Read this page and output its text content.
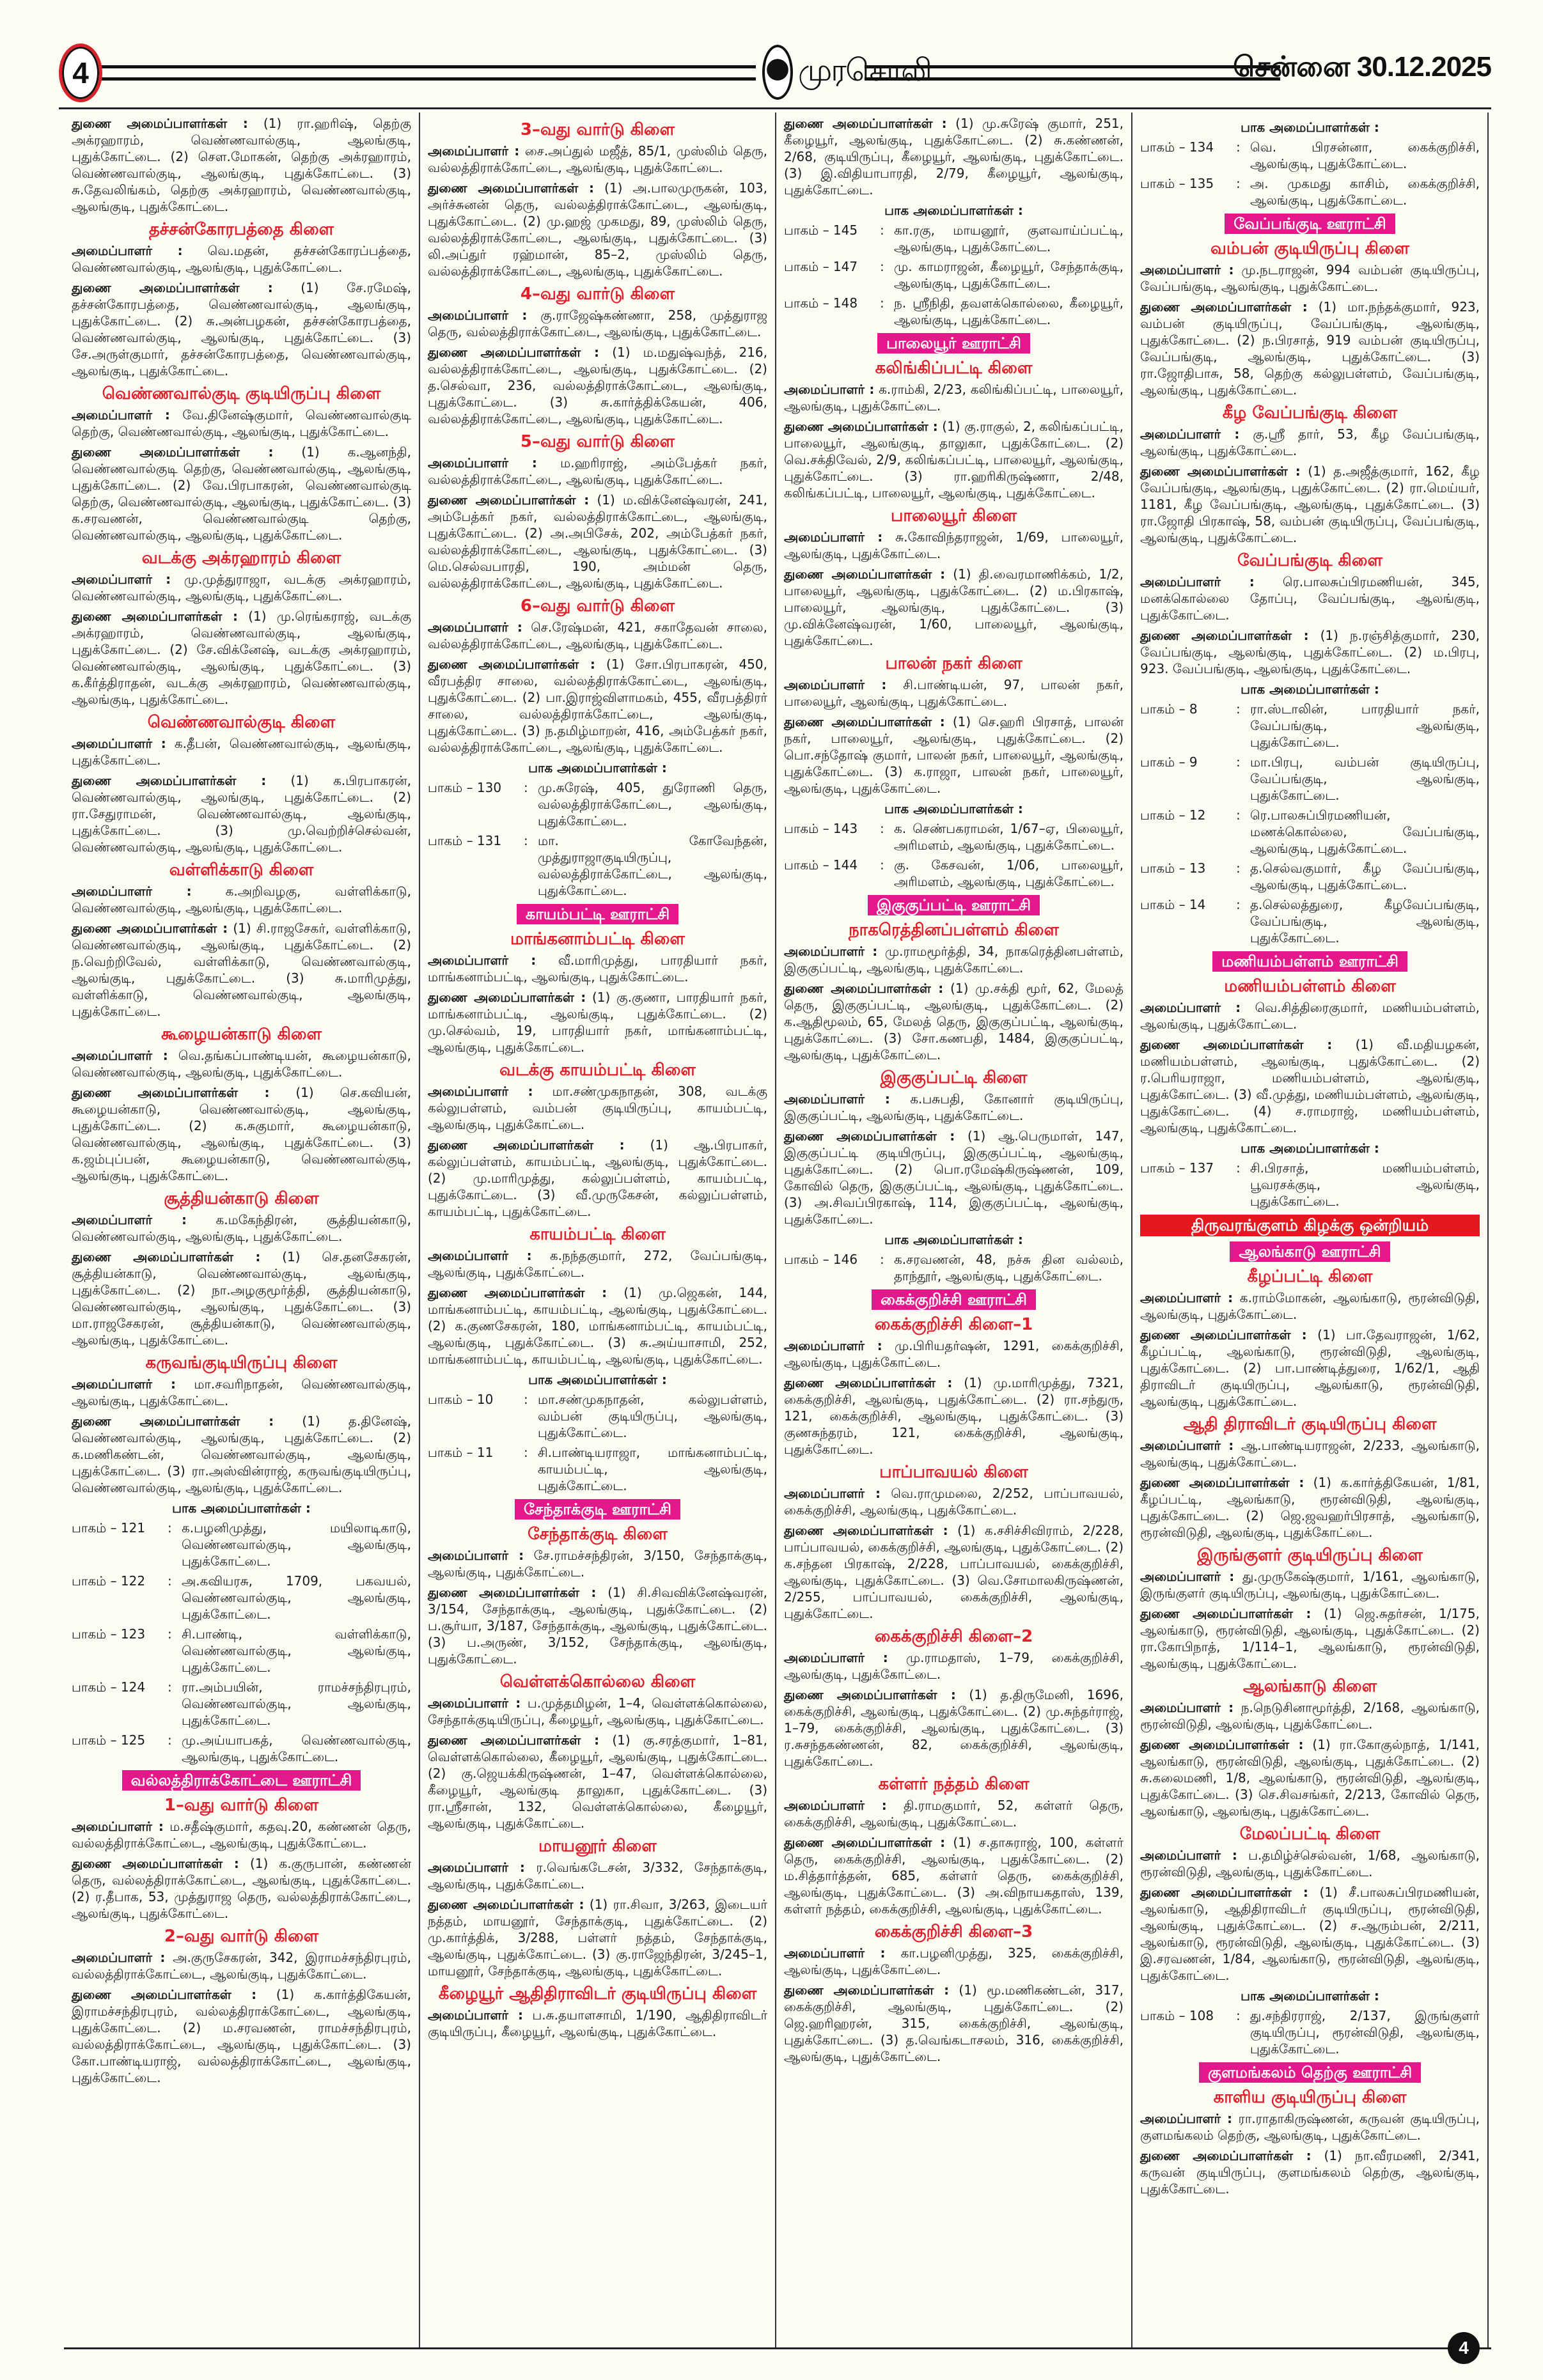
4	முரசொலி	சென்னை 30.12.2025

துணை அமைப்பாளர்கள் : (1) ரா.ஹரிஷ், தெற்கு அக்ரஹாரம், வெண்ணவால்குடி, ஆலங்குடி, புதுக்கோட்டை. (2) சௌ.மோகன், தெற்கு அக்ரஹாரம், வெண்ணவால்குடி, ஆலங்குடி, புதுக்கோட்டை. (3) சு.தேவலிங்கம், தெற்கு அக்ரஹாரம், வெண்ணவால்குடி, ஆலங்குடி, புதுக்கோட்டை.

தச்சன்கோரபத்தை கிளை

அமைப்பாளர் : வெ.மதன், தச்சன்கோரப்பத்தை, வெண்ணவால்குடி, ஆலங்குடி, புதுக்கோட்டை.

துணை அமைப்பாளர்கள் : (1) சே.ரமேஷ், தச்சன்கோரபத்தை, வெண்ணவால்குடி, ஆலங்குடி, புதுக்கோட்டை. (2) சு.அன்பழகன், தச்சன்கோரபத்தை, வெண்ணவால்குடி, ஆலங்குடி, புதுக்கோட்டை. (3) சே.அருள்குமார், தச்சன்கோரபத்தை, வெண்ணவால்குடி, ஆலங்குடி, புதுக்கோட்டை.

வெண்ணவால்குடி குடியிருப்பு கிளை

அமைப்பாளர் : வே.தினேஷ்குமார், வெண்ணவால்குடி தெற்கு, வெண்ணவால்குடி, ஆலங்குடி, புதுக்கோட்டை.

துணை அமைப்பாளர்கள் : (1) க.ஆனந்தி, வெண்ணவால்குடி தெற்கு, வெண்ணவால்குடி, ஆலங்குடி, புதுக்கோட்டை. (2) வே.பிரபாகரன், வெண்ணவால்குடி தெற்கு, வெண்ணவால்குடி, ஆலங்குடி, புதுக்கோட்டை. (3) க.சரவணன், வெண்ணவால்குடி தெற்கு, வெண்ணவால்குடி, ஆலங்குடி, புதுக்கோட்டை.

வடக்கு அக்ரஹாரம் கிளை

அமைப்பாளர் : மு.முத்துராஜா, வடக்கு அக்ரஹாரம், வெண்ணவால்குடி, ஆலங்குடி, புதுக்கோட்டை.

துணை அமைப்பாளர்கள் : (1) மு.ரெங்கராஜ், வடக்கு அக்ரஹாரம், வெண்ணவால்குடி, ஆலங்குடி, புதுக்கோட்டை. (2) சே.விக்னேஷ், வடக்கு அக்ரஹாரம், வெண்ணவால்குடி, ஆலங்குடி, புதுக்கோட்டை. (3) க.கீர்த்திராதன், வடக்கு அக்ரஹாரம், வெண்ணவால்குடி, ஆலங்குடி, புதுக்கோட்டை.

வெண்ணவால்குடி கிளை

அமைப்பாளர் : க.தீபன், வெண்ணவால்குடி, ஆலங்குடி, புதுக்கோட்டை.

துணை அமைப்பாளர்கள் : (1) க.பிரபாகரன், வெண்ணவால்குடி, ஆலங்குடி, புதுக்கோட்டை. (2) ரா.சேதுராமன், வெண்ணவால்குடி, ஆலங்குடி, புதுக்கோட்டை. (3) மு.வெற்றிச்செல்வன், வெண்ணவால்குடி, ஆலங்குடி, புதுக்கோட்டை.

வள்ளிக்காடு கிளை

அமைப்பாளர் :	க.அறிவழகு, வள்ளிக்காடு, வெண்ணவால்குடி, ஆலங்குடி, புதுக்கோட்டை.

துணை அமைப்பாளர்கள் : (1) சி.ராஜசேகர், வள்ளிக்காடு, வெண்ணவால்குடி, ஆலங்குடி, புதுக்கோட்டை. (2) ந.வெற்றிவேல், வள்ளிக்காடு, வெண்ணவால்குடி, ஆலங்குடி, புதுக்கோட்டை. (3) சு.மாரிமுத்து, வள்ளிக்காடு, வெண்ணவால்குடி, ஆலங்குடி, புதுக்கோட்டை.

கூழையன்காடு கிளை

அமைப்பாளர் : வெ.தங்கப்பாண்டியன், கூழையன்காடு, வெண்ணவால்குடி, ஆலங்குடி, புதுக்கோட்டை.

துணை அமைப்பாளர்கள் : (1) செ.கவியன், கூழையன்காடு, வெண்ணவால்குடி, ஆலங்குடி, புதுக்கோட்டை. (2) க.சுகுமார், கூழையன்காடு, வெண்ணவால்குடி, ஆலங்குடி, புதுக்கோட்டை. (3) க.ஜம்புப்பன், கூழையன்காடு, வெண்ணவால்குடி, ஆலங்குடி, புதுக்கோட்டை.

சூத்தியன்காடு கிளை

அமைப்பாளர் : க.மகேந்திரன், சூத்தியன்காடு, வெண்ணவால்குடி, ஆலங்குடி, புதுக்கோட்டை.

துணை அமைப்பாளர்கள் : (1) செ.தனசேகரன், சூத்தியன்காடு, வெண்ணவால்குடி, ஆலங்குடி, புதுக்கோட்டை. (2) நா.அழகுமூர்த்தி, சூத்தியன்காடு, வெண்ணவால்குடி, ஆலங்குடி, புதுக்கோட்டை. (3) மா.ராஜசேகரன், சூத்தியன்காடு, வெண்ணவால்குடி, ஆலங்குடி, புதுக்கோட்டை.

கருவங்குடியிருப்பு கிளை

அமைப்பாளர் : மா.சவரிநாதன், வெண்ணவால்குடி, ஆலங்குடி, புதுக்கோட்டை.

துணை அமைப்பாளர்கள் : (1) த.தினேஷ், வெண்ணவால்குடி, ஆலங்குடி, புதுக்கோட்டை. (2) க.மணிகண்டன், வெண்ணவால்குடி, ஆலங்குடி, புதுக்கோட்டை. (3) ரா.அஸ்வின்ராஜ், கருவங்குடியிருப்பு, வெண்ணவால்குடி, ஆலங்குடி, புதுக்கோட்டை.

பாக அமைப்பாளர்கள் :
பாகம் – 121	: க.பழனிமுத்து, மயிலாடிகாடு, வெண்ணவால்குடி, ஆலங்குடி, புதுக்கோட்டை.
பாகம் – 122	: அ.கவியரசு, 1709, பகவயல், வெண்ணவால்குடி, ஆலங்குடி, புதுக்கோட்டை.
பாகம் – 123	: சி.பாண்டி, வள்ளிக்காடு, வெண்ணவால்குடி, ஆலங்குடி, புதுக்கோட்டை.
பாகம் – 124	: ரா.அம்பயின், ராமச்சந்திரபுரம், வெண்ணவால்குடி, ஆலங்குடி, புதுக்கோட்டை.
பாகம் – 125	: மு.அய்யாபகத், வெண்ணவால்குடி, ஆலங்குடி, புதுக்கோட்டை.
வல்லத்திராக்கோட்டை ஊராட்சி
1–வது வார்டு கிளை

அமைப்பாளர் : ம.சதீஷ்குமார், கதவு.20, கண்ணன் தெரு, வல்லத்திராக்கோட்டை, ஆலங்குடி, புதுக்கோட்டை.

துணை அமைப்பாளர்கள் : (1) க.குருபான், கண்ணன் தெரு, வல்லத்திராக்கோட்டை, ஆலங்குடி, புதுக்கோட்டை. (2) ர.தீபாக, 53, முத்துராஜ தெரு, வல்லத்திராக்கோட்டை, ஆலங்குடி, புதுக்கோட்டை.

2–வது வார்டு கிளை

அமைப்பாளர் : அ.குருசேகரன், 342, இராமச்சந்திரபுரம், வல்லத்திராக்கோட்டை, ஆலங்குடி, புதுக்கோட்டை.

துணை அமைப்பாளர்கள் : (1) க.கார்த்திகேயன், இராமச்சந்திரபுரம், வல்லத்திராக்கோட்டை, ஆலங்குடி, புதுக்கோட்டை. (2) ம.சரவணன், ராமச்சந்திரபுரம், வல்லத்திராக்கோட்டை, ஆலங்குடி, புதுக்கோட்டை. (3) கோ.பாண்டியராஜ், வல்லத்திராக்கோட்டை, ஆலங்குடி, புதுக்கோட்டை.

3–வது வார்டு கிளை

அமைப்பாளர் : சை.அப்துல் மஜீத், 85/1, முஸ்லிம் தெரு, வல்லத்திராக்கோட்டை, ஆலங்குடி, புதுக்கோட்டை.

துணை அமைப்பாளர்கள் : (1) அ.பாலமுருகன், 103, அர்ச்சுனன் தெரு, வல்லத்திராக்கோட்டை, ஆலங்குடி, புதுக்கோட்டை. (2) மு.ஹஜ் முகமது, 89, முஸ்லிம் தெரு, வல்லத்திராக்கோட்டை, ஆலங்குடி, புதுக்கோட்டை. (3) லி.அப்துர் ரஹ்மான், 85–2, முஸ்லிம் தெரு, வல்லத்திராக்கோட்டை, ஆலங்குடி, புதுக்கோட்டை.

4–வது வார்டு கிளை

அமைப்பாளர் : கு.ராஜேஷ்கண்ணா, 258, முத்துராஜ தெரு, வல்லத்திராக்கோட்டை, ஆலங்குடி, புதுக்கோட்டை.

துணை அமைப்பாளர்கள் : (1) ம.மதுஷ்வந்த், 216, வல்லத்திராக்கோட்டை, ஆலங்குடி, புதுக்கோட்டை. (2) த.செல்வா, 236, வல்லத்திராக்கோட்டை, ஆலங்குடி, புதுக்கோட்டை. (3) சு.கார்த்திக்கேயன், 406, வல்லத்திராக்கோட்டை, ஆலங்குடி, புதுக்கோட்டை.

5–வது வார்டு கிளை

அமைப்பாளர் : ம.ஹரிராஜ், அம்பேத்கர் நகர், வல்லத்திராக்கோட்டை, ஆலங்குடி, புதுக்கோட்டை.

துணை அமைப்பாளர்கள் : (1) ம.விக்னேஷ்வரன், 241, அம்பேத்கர் நகர், வல்லத்திராக்கோட்டை, ஆலங்குடி, புதுக்கோட்டை. (2) அ.அபிசேக், 202, அம்பேத்கர் நகர், வல்லத்திராக்கோட்டை, ஆலங்குடி, புதுக்கோட்டை. (3) மெ.செல்வபாரதி, 190, அம்மன் தெரு, வல்லத்திராக்கோட்டை, ஆலங்குடி, புதுக்கோட்டை.

6–வது வார்டு கிளை

அமைப்பாளர் : செ.ரேஷ்மன், 421, சகாதேவன் சாலை, வல்லத்திராக்கோட்டை, ஆலங்குடி, புதுக்கோட்டை.

துணை அமைப்பாளர்கள் : (1) சோ.பிரபாகரன், 450, வீரபத்திர சாலை, வல்லத்திராக்கோட்டை, ஆலங்குடி, புதுக்கோட்டை. (2) பா.இராஜ்விளாமகம், 455, வீரபத்திரர் சாலை, வல்லத்திராக்கோட்டை, ஆலங்குடி, புதுக்கோட்டை. (3) ந.தமிழ்மாறன், 416, அம்பேத்கர் நகர், வல்லத்திராக்கோட்டை, ஆலங்குடி, புதுக்கோட்டை.

பாக அமைப்பாளர்கள் :
பாகம் – 130	: மு.சுரேஷ், 405, துரோணி தெரு, வல்லத்திராக்கோட்டை, ஆலங்குடி, புதுக்கோட்டை.
பாகம் – 131	: மா. கோவேந்தன், முத்துராஜாகுடியிருப்பு, வல்லத்திராக்கோட்டை, ஆலங்குடி, புதுக்கோட்டை.
காயம்பட்டி ஊராட்சி
மாங்கனாம்பட்டி கிளை

அமைப்பாளர் : வீ.மாரிமுத்து, பாரதியார் நகர், மாங்கனாம்பட்டி, ஆலங்குடி, புதுக்கோட்டை.

துணை அமைப்பாளர்கள் : (1) கு.குணா, பாரதியார் நகர், மாங்கனாம்பட்டி, ஆலங்குடி, புதுக்கோட்டை. (2) மு.செல்வம், 19, பாரதியார் நகர், மாங்கனாம்பட்டி, ஆலங்குடி, புதுக்கோட்டை.

வடக்கு காயம்பட்டி கிளை

அமைப்பாளர் : மா.சண்முகநாதன், 308, வடக்கு கல்லுபள்ளம், வம்பன் குடியிருப்பு, காயம்பட்டி, ஆலங்குடி, புதுக்கோட்டை.

துணை அமைப்பாளர்கள் : (1) ஆ.பிரபாகர், கல்லுப்பள்ளம், காயம்பட்டி, ஆலங்குடி, புதுக்கோட்டை. (2) மு.மாரிமுத்து, கல்லுப்பள்ளம், காயம்பட்டி, புதுக்கோட்டை. (3) வீ.முருகேசன், கல்லுப்பள்ளம், காயம்பட்டி, புதுக்கோட்டை.

காயம்பட்டி கிளை

அமைப்பாளர் : க.நந்தகுமார், 272, வேப்பங்குடி, ஆலங்குடி, புதுக்கோட்டை.

துணை அமைப்பாளர்கள் : (1) மு.ஜெகன், 144, மாங்கனாம்பட்டி, காயம்பட்டி, ஆலங்குடி, புதுக்கோட்டை. (2) க.குணசேகரன், 180, மாங்கனாம்பட்டி, காயம்பட்டி, ஆலங்குடி, புதுக்கோட்டை. (3) சு.அய்யாசாமி, 252, மாங்கனாம்பட்டி, காயம்பட்டி, ஆலங்குடி, புதுக்கோட்டை.

பாக அமைப்பாளர்கள் :
பாகம் – 10	: மா.சண்முகநாதன், கல்லுபள்ளம், வம்பன் குடியிருப்பு, ஆலங்குடி, புதுக்கோட்டை.
பாகம் – 11	: சி.பாண்டியராஜா, மாங்கனாம்பட்டி, காயம்பட்டி, ஆலங்குடி, புதுக்கோட்டை.
சேந்தாக்குடி ஊராட்சி
சேந்தாக்குடி கிளை

அமைப்பாளர் : சே.ராமச்சந்திரன், 3/150, சேந்தாக்குடி, ஆலங்குடி, புதுக்கோட்டை.

துணை அமைப்பாளர்கள் : (1) சி.சிவவிக்னேஷ்வரன், 3/154, சேந்தாக்குடி, ஆலங்குடி, புதுக்கோட்டை. (2) ப.சூர்யா, 3/187, சேந்தாக்குடி, ஆலங்குடி, புதுக்கோட்டை. (3) ப.அருண், 3/152, சேந்தாக்குடி, ஆலங்குடி, புதுக்கோட்டை.

வெள்ளக்கொல்லை கிளை

அமைப்பாளர் : ப.முத்தமிழன், 1–4, வெள்ளக்கொல்லை, சேந்தாக்குடியிருப்பு, கீழையூர், ஆலங்குடி, புதுக்கோட்டை.

துணை அமைப்பாளர்கள் : (1) கு.சரத்குமார், 1–81, வெள்ளக்கொல்லை, கீழையூர், ஆலங்குடி, புதுக்கோட்டை. (2) கு.ஜெயக்கிருஷ்ணன், 1–47, வெள்ளக்கொல்லை, கீழையூர், ஆலங்குடி தாலுகா, புதுக்கோட்டை. (3) ரா.ஸ்ரீசான், 132, வெள்ளக்கொல்லை, கீழையூர், ஆலங்குடி, புதுக்கோட்டை.

மாயனூர் கிளை

அமைப்பாளர் : ர.வெங்கடேசன், 3/332, சேந்தாக்குடி, ஆலங்குடி, புதுக்கோட்டை.

துணை அமைப்பாளர்கள் : (1) ரா.சிவா, 3/263, இடையர் நத்தம், மாயனூர், சேந்தாக்குடி, புதுக்கோட்டை. (2) மு.கார்த்திக், 3/288, பள்ளர் நத்தம், சேந்தாக்குடி, ஆலங்குடி, புதுக்கோட்டை. (3) கு.ராஜேந்திரன், 3/245–1, மாயனூர், சேந்தாக்குடி, ஆலங்குடி, புதுக்கோட்டை.

கீழையூர் ஆதிதிராவிடர் குடியிருப்பு கிளை

அமைப்பாளர் : ப.சு.தயாளசாமி, 1/190, ஆதிதிராவிடர் குடியிருப்பு, கீழையூர், ஆலங்குடி, புதுக்கோட்டை.

துணை அமைப்பாளர்கள் : (1) மு.சுரேஷ் குமார், 251, கீழையூர், ஆலங்குடி, புதுக்கோட்டை. (2) சு.கண்ணன், 2/68, குடியிருப்பு, கீழையூர், ஆலங்குடி, புதுக்கோட்டை. (3) இ.விதியாபாரதி, 2/79, கீழையூர், ஆலங்குடி, புதுக்கோட்டை.

பாக அமைப்பாளர்கள் :
பாகம் – 145	: கா.ரகு, மாயனூர், குளவாய்ப்பட்டி, ஆலங்குடி, புதுக்கோட்டை.
பாகம் – 147	: மு. காமராஜன், கீழையூர், சேந்தாக்குடி, ஆலங்குடி, புதுக்கோட்டை.
பாகம் – 148	: ந. ஸ்ரீநிதி, தவளக்கொல்லை, கீழையூர், ஆலங்குடி, புதுக்கோட்டை.
பாலையூர் ஊராட்சி
கலிங்கிப்பட்டி கிளை

அமைப்பாளர் : க.ராம்கி, 2/23, கலிங்கிப்பட்டி, பாலையூர், ஆலங்குடி, புதுக்கோட்டை.

துணை அமைப்பாளர்கள் : (1) கு.ராகுல், 2, கலிங்கப்பட்டி, பாலையூர், ஆலங்குடி, தாலுகா, புதுக்கோட்டை. (2) வெ.சக்திவேல், 2/9, கலிங்கப்பட்டி, பாலையூர், ஆலங்குடி, புதுக்கோட்டை. (3) ரா.ஹரிகிருஷ்ணா, 2/48, கலிங்கப்பட்டி, பாலையூர், ஆலங்குடி, புதுக்கோட்டை.

பாலையூர் கிளை

அமைப்பாளர் : சு.கோவிந்தராஜன், 1/69, பாலையூர், ஆலங்குடி, புதுக்கோட்டை.

துணை அமைப்பாளர்கள் : (1) தி.வைரமாணிக்கம், 1/2, பாலையூர், ஆலங்குடி, புதுக்கோட்டை. (2) ம.பிரகாஷ், பாலையூர், ஆலங்குடி, புதுக்கோட்டை. (3) மு.விக்னேஷ்வரன், 1/60, பாலையூர், ஆலங்குடி, புதுக்கோட்டை.

பாலன் நகர் கிளை

அமைப்பாளர் : சி.பாண்டியன், 97, பாலன் நகர், பாலையூர், ஆலங்குடி, புதுக்கோட்டை.

துணை அமைப்பாளர்கள் : (1) செ.ஹரி பிரசாத், பாலன் நகர், பாலையூர், ஆலங்குடி, புதுக்கோட்டை. (2) பொ.சந்தோஷ் குமார், பாலன் நகர், பாலையூர், ஆலங்குடி, புதுக்கோட்டை. (3) க.ராஜா, பாலன் நகர், பாலையூர், ஆலங்குடி, புதுக்கோட்டை.

பாக அமைப்பாளர்கள் :
பாகம் – 143	: க. செண்பகராமன், 1/67–ஏ, பிலையூர், அரிமளம், ஆலங்குடி, புதுக்கோட்டை.
பாகம் – 144	: கு. கேசவன், 1/06, பாலையூர், அரிமளம், ஆலங்குடி, புதுக்கோட்டை.
இகுகுப்பட்டி ஊராட்சி
நாகரெத்தினப்பள்ளம் கிளை

அமைப்பாளர் : மு.ராமமூர்த்தி, 34, நாகரெத்தினபள்ளம், இகுகுப்பட்டி, ஆலங்குடி, புதுக்கோட்டை.

துணை அமைப்பாளர்கள் : (1) மு.சக்தி மூர், 62, மேலத் தெரு, இகுகுப்பட்டி, ஆலங்குடி, புதுக்கோட்டை. (2) க.ஆதிமூலம், 65, மேலத் தெரு, இகுகுப்பட்டி, ஆலங்குடி, புதுக்கோட்டை. (3) சோ.கணபதி, 1484, இகுகுப்பட்டி, ஆலங்குடி, புதுக்கோட்டை.

இகுகுப்பட்டி கிளை

அமைப்பாளர் : க.பசுபதி, கோனார் குடியிருப்பு, இகுகுப்பட்டி, ஆலங்குடி, புதுக்கோட்டை.

துணை அமைப்பாளர்கள் : (1) ஆ.பெருமாள், 147, இகுகுப்பட்டி குடியிருப்பு, இகுகுப்பட்டி, ஆலங்குடி, புதுக்கோட்டை. (2) பொ.ரமேஷ்கிருஷ்ணன், 109, கோவில் தெரு, இகுகுப்பட்டி, ஆலங்குடி, புதுக்கோட்டை. (3) அ.சிவப்பிரகாஷ், 114, இகுகுப்பட்டி, ஆலங்குடி, புதுக்கோட்டை.

பாக அமைப்பாளர்கள் :
பாகம் – 146	: க.சரவணன், 48, நச்சு தின வல்லம், தாந்தூர், ஆலங்குடி, புதுக்கோட்டை.
கைக்குறிச்சி ஊராட்சி
கைக்குறிச்சி கிளை–1

அமைப்பாளர் : மு.பிரியதர்ஷன், 1291, கைக்குறிச்சி, ஆலங்குடி, புதுக்கோட்டை.

துணை அமைப்பாளர்கள் : (1) மு.மாரிமுத்து, 7321, கைக்குறிச்சி, ஆலங்குடி, புதுக்கோட்டை. (2) ரா.சந்துரு, 121, கைக்குறிச்சி, ஆலங்குடி, புதுக்கோட்டை. (3) குணசுந்தரம், 121, கைக்குறிச்சி, ஆலங்குடி, புதுக்கோட்டை.

பாப்பாவயல் கிளை

அமைப்பாளர் : வெ.ராமுமலை, 2/252, பாப்பாவயல், கைக்குறிச்சி, ஆலங்குடி, புதுக்கோட்டை.

துணை அமைப்பாளர்கள் : (1) க.சசிச்சிவிராம், 2/228, பாப்பாவயல், கைக்குறிச்சி, ஆலங்குடி, புதுக்கோட்டை. (2) க.சந்தன பிரகாஷ், 2/228, பாப்பாவயல், கைக்குறிச்சி, ஆலங்குடி, புதுக்கோட்டை. (3) வெ.சோமாலகிருஷ்ணன், 2/255, பாப்பாவயல், கைக்குறிச்சி, ஆலங்குடி, புதுக்கோட்டை.

கைக்குறிச்சி கிளை–2

அமைப்பாளர் : மு.ராமதாஸ், 1–79, கைக்குறிச்சி, ஆலங்குடி, புதுக்கோட்டை.

துணை அமைப்பாளர்கள் : (1) த.திருமேனி, 1696, கைக்குறிச்சி, ஆலங்குடி, புதுக்கோட்டை. (2) மு.சுந்தர்ராஜ், 1–79, கைக்குறிச்சி, ஆலங்குடி, புதுக்கோட்டை. (3) ர.சுசந்தகண்ணன், 82, கைக்குறிச்சி, ஆலங்குடி, புதுக்கோட்டை.

கள்ளர் நத்தம் கிளை

அமைப்பாளர் : தி.ராமகுமார், 52, கள்ளர் தெரு, கைக்குறிச்சி, ஆலங்குடி, புதுக்கோட்டை.

துணை அமைப்பாளர்கள் : (1) ச.தாசுராஜ், 100, கள்ளர் தெரு, கைக்குறிச்சி, ஆலங்குடி, புதுக்கோட்டை. (2) ம.சித்தார்த்தன், 685, கள்ளர் தெரு, கைக்குறிச்சி, ஆலங்குடி, புதுக்கோட்டை. (3) அ.விநாயகதாஸ், 139, கள்ளர் நத்தம், கைக்குறிச்சி, ஆலங்குடி, புதுக்கோட்டை.

கைக்குறிச்சி கிளை–3

அமைப்பாளர் : கா.பழனிமுத்து, 325, கைக்குறிச்சி, ஆலங்குடி, புதுக்கோட்டை.

துணை அமைப்பாளர்கள் : (1) மூ.மணிகண்டன், 317, கைக்குறிச்சி, ஆலங்குடி, புதுக்கோட்டை. (2) ஜெ.ஹரிஹரன், 315, கைக்குறிச்சி, ஆலங்குடி, புதுக்கோட்டை. (3) த.வெங்கடாசலம், 316, கைக்குறிச்சி, ஆலங்குடி, புதுக்கோட்டை.

பாக அமைப்பாளர்கள் :
பாகம் – 134	: வெ. பிரசன்னா, கைக்குறிச்சி, ஆலங்குடி, புதுக்கோட்டை.
பாகம் – 135	: அ. முகமது காசிம், கைக்குறிச்சி, ஆலங்குடி, புதுக்கோட்டை.
வேப்பங்குடி ஊராட்சி
வம்பன் குடியிருப்பு கிளை

அமைப்பாளர் : மு.நடராஜன், 994 வம்பன் குடியிருப்பு, வேப்பங்குடி, ஆலங்குடி, புதுக்கோட்டை.

துணை அமைப்பாளர்கள் : (1) மா.நந்தக்குமார், 923, வம்பன் குடியிருப்பு, வேப்பங்குடி, ஆலங்குடி, புதுக்கோட்டை. (2) ந.பிரசாத், 919 வம்பன் குடியிருப்பு, வேப்பங்குடி, ஆலங்குடி, புதுக்கோட்டை. (3) ரா.ஜோதிபாசு, 58, தெற்கு கல்லுபள்ளம், வேப்பங்குடி, ஆலங்குடி, புதுக்கோட்டை.

கீழ வேப்பங்குடி கிளை

அமைப்பாளர் : கு.ஸ்ரீ தார், 53, கீழ வேப்பங்குடி, ஆலங்குடி, புதுக்கோட்டை.

துணை அமைப்பாளர்கள் : (1) த.அஜீத்குமார், 162, கீழ வேப்பங்குடி, ஆலங்குடி, புதுக்கோட்டை. (2) ரா.மெய்யர், 1181, கீழ வேப்பங்குடி, ஆலங்குடி, புதுக்கோட்டை. (3) ரா.ஜோதி பிரகாஷ், 58, வம்பன் குடியிருப்பு, வேப்பங்குடி, ஆலங்குடி, புதுக்கோட்டை.

வேப்பங்குடி கிளை

அமைப்பாளர் : ரெ.பாலசுப்பிரமணியன், 345, மனக்கொல்லை தோப்பு, வேப்பங்குடி, ஆலங்குடி, புதுக்கோட்டை.

துணை அமைப்பாளர்கள் : (1) ந.ரஞ்சித்குமார், 230, வேப்பங்குடி, ஆலங்குடி, புதுக்கோட்டை. (2) ம.பிரபு, 923. வேப்பங்குடி, ஆலங்குடி, புதுக்கோட்டை.

பாக அமைப்பாளர்கள் :
பாகம் – 8	: ரா.ஸ்டாலின், பாரதியார் நகர், வேப்பங்குடி, ஆலங்குடி, புதுக்கோட்டை.
பாகம் – 9	: மா.பிரபு, வம்பன் குடியிருப்பு, வேப்பங்குடி, ஆலங்குடி, புதுக்கோட்டை.
பாகம் – 12	: ரெ.பாலசுப்பிரமணியன், மணக்கொல்லை, வேப்பங்குடி, ஆலங்குடி, புதுக்கோட்டை.
பாகம் – 13	: த.செல்வகுமார், கீழ வேப்பங்குடி, ஆலங்குடி, புதுக்கோட்டை.
பாகம் – 14	: த.செல்லத்துரை, கீழவேப்பங்குடி, வேப்பங்குடி, ஆலங்குடி, புதுக்கோட்டை.
மணியம்பள்ளம் ஊராட்சி
மணியம்பள்ளம் கிளை

அமைப்பாளர் : வெ.சித்திரைகுமார், மணியம்பள்ளம், ஆலங்குடி, புதுக்கோட்டை.

துணை அமைப்பாளர்கள் : (1) வீ.மதியழகன், மணியம்பள்ளம், ஆலங்குடி, புதுக்கோட்டை. (2) ர.பெரியராஜா, மணியம்பள்ளம், ஆலங்குடி, புதுக்கோட்டை. (3) வீ.முத்து, மணியம்பள்ளம், ஆலங்குடி, புதுக்கோட்டை. (4) ச.ராமராஜ், மணியம்பள்ளம், ஆலங்குடி, புதுக்கோட்டை.

பாக அமைப்பாளர்கள் :
பாகம் – 137	: சி.பிரசாத், மணியம்பள்ளம், பூவரசக்குடி, ஆலங்குடி, புதுக்கோட்டை.
திருவரங்குளம் கிழக்கு ஒன்றியம்
ஆலங்காடு ஊராட்சி
கீழப்பட்டி கிளை

அமைப்பாளர் : க.ராம்மோகன், ஆலங்காடு, ரூரன்விடுதி, ஆலங்குடி, புதுக்கோட்டை.

துணை அமைப்பாளர்கள் : (1) பா.தேவராஜன், 1/62, கீழப்பட்டி, ஆலங்காடு, ரூரன்விடுதி, ஆலங்குடி, புதுக்கோட்டை. (2) பா.பாண்டித்துரை, 1/62/1, ஆதி திராவிடர் குடியிருப்பு, ஆலங்காடு, ரூரன்விடுதி, ஆலங்குடி, புதுக்கோட்டை.

ஆதி திராவிடர் குடியிருப்பு கிளை

அமைப்பாளர் : ஆ.பாண்டியராஜன், 2/233, ஆலங்காடு, ஆலங்குடி, புதுக்கோட்டை.

துணை அமைப்பாளர்கள் : (1) க.கார்த்திகேயன், 1/81, கீழப்பட்டி, ஆலங்காடு, ரூரன்விடுதி, ஆலங்குடி, புதுக்கோட்டை. (2) ஜெ.ஜவஹர்பிரசாத், ஆலங்காடு, ரூரன்விடுதி, ஆலங்குடி, புதுக்கோட்டை.

இருங்குளர் குடியிருப்பு கிளை

அமைப்பாளர் : து.முருகேஷ்குமார், 1/161, ஆலங்காடு, இருங்குளர் குடியிருப்பு, ஆலங்குடி, புதுக்கோட்டை.

துணை அமைப்பாளர்கள் : (1) ஜெ.சுதர்சன், 1/175, ஆலங்காடு, ரூரன்விடுதி, ஆலங்குடி, புதுக்கோட்டை. (2) ரா.கோபிநாத், 1/114–1, ஆலங்காடு, ரூரன்விடுதி, ஆலங்குடி, புதுக்கோட்டை.

ஆலங்காடு கிளை

அமைப்பாளர் : ந.நெடுசினாமூர்த்தி, 2/168, ஆலங்காடு, ரூரன்விடுதி, ஆலங்குடி, புதுக்கோட்டை.

துணை அமைப்பாளர்கள் : (1) ரா.கோகுல்நாத், 1/141, ஆலங்காடு, ரூரன்விடுதி, ஆலங்குடி, புதுக்கோட்டை. (2) சு.கலைமணி, 1/8, ஆலங்காடு, ரூரன்விடுதி, ஆலங்குடி, புதுக்கோட்டை. (3) செ.சிவசங்கர், 2/213, கோவில் தெரு, ஆலங்காடு, ஆலங்குடி, புதுக்கோட்டை.

மேலப்பட்டி கிளை

அமைப்பாளர் : ப.தமிழ்ச்செல்வன், 1/68, ஆலங்காடு, ரூரன்விடுதி, ஆலங்குடி, புதுக்கோட்டை.

துணை அமைப்பாளர்கள் : (1) சீ.பாலசுப்பிரமணியன், ஆலங்காடு, ஆதிதிராவிடர் குடியிருப்பு, ரூரன்விடுதி, ஆலங்குடி, புதுக்கோட்டை. (2) ச.ஆரும்பன், 2/211, ஆலங்காடு, ரூரன்விடுதி, ஆலங்குடி, புதுக்கோட்டை. (3) இ.சரவணன், 1/84, ஆலங்காடு, ரூரன்விடுதி, ஆலங்குடி, புதுக்கோட்டை.

பாக அமைப்பாளர்கள் :
பாகம் – 108	: து.சந்திரராஜ், 2/137, இருங்குளர் குடியிருப்பு, ரூரன்விடுதி, ஆலங்குடி, புதுக்கோட்டை.
குளமங்கலம் தெற்கு ஊராட்சி
காளிய குடியிருப்பு கிளை

அமைப்பாளர் : ரா.ராதாகிருஷ்ணன், கருவன் குடியிருப்பு, குளமங்கலம் தெற்கு, ஆலங்குடி, புதுக்கோட்டை.

துணை அமைப்பாளர்கள் : (1) நா.வீரமணி, 2/341, கருவன் குடியிருப்பு, குளமங்கலம் தெற்கு, ஆலங்குடி, புதுக்கோட்டை.

4
